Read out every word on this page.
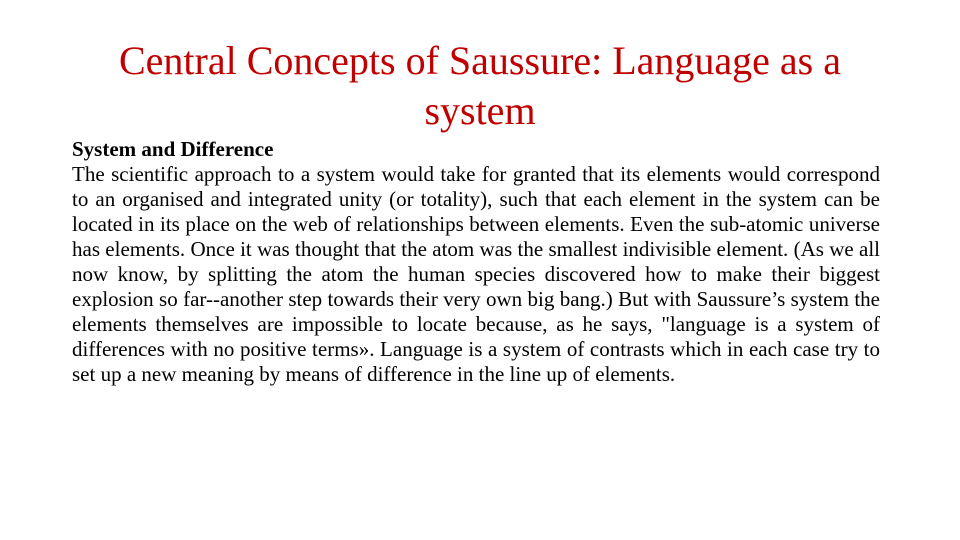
Central Concepts of Saussure: Language as a system

System and Difference

The scientific approach to a system would take for granted that its elements would correspond to an organised and integrated unity (or totality), such that each element in the system can be located in its place on the web of relationships between elements. Even the sub-atomic universe has elements. Once it was thought that the atom was the smallest indivisible element. (As we all now know, by splitting the atom the human species discovered how to make their biggest explosion so far--another step towards their very own big bang.) But with Saussure’s system the elements themselves are impossible to locate because, as he says, "language is a system of differences with no positive terms». Language is a system of contrasts which in each case try to set up a new meaning by means of difference in the line up of elements.
